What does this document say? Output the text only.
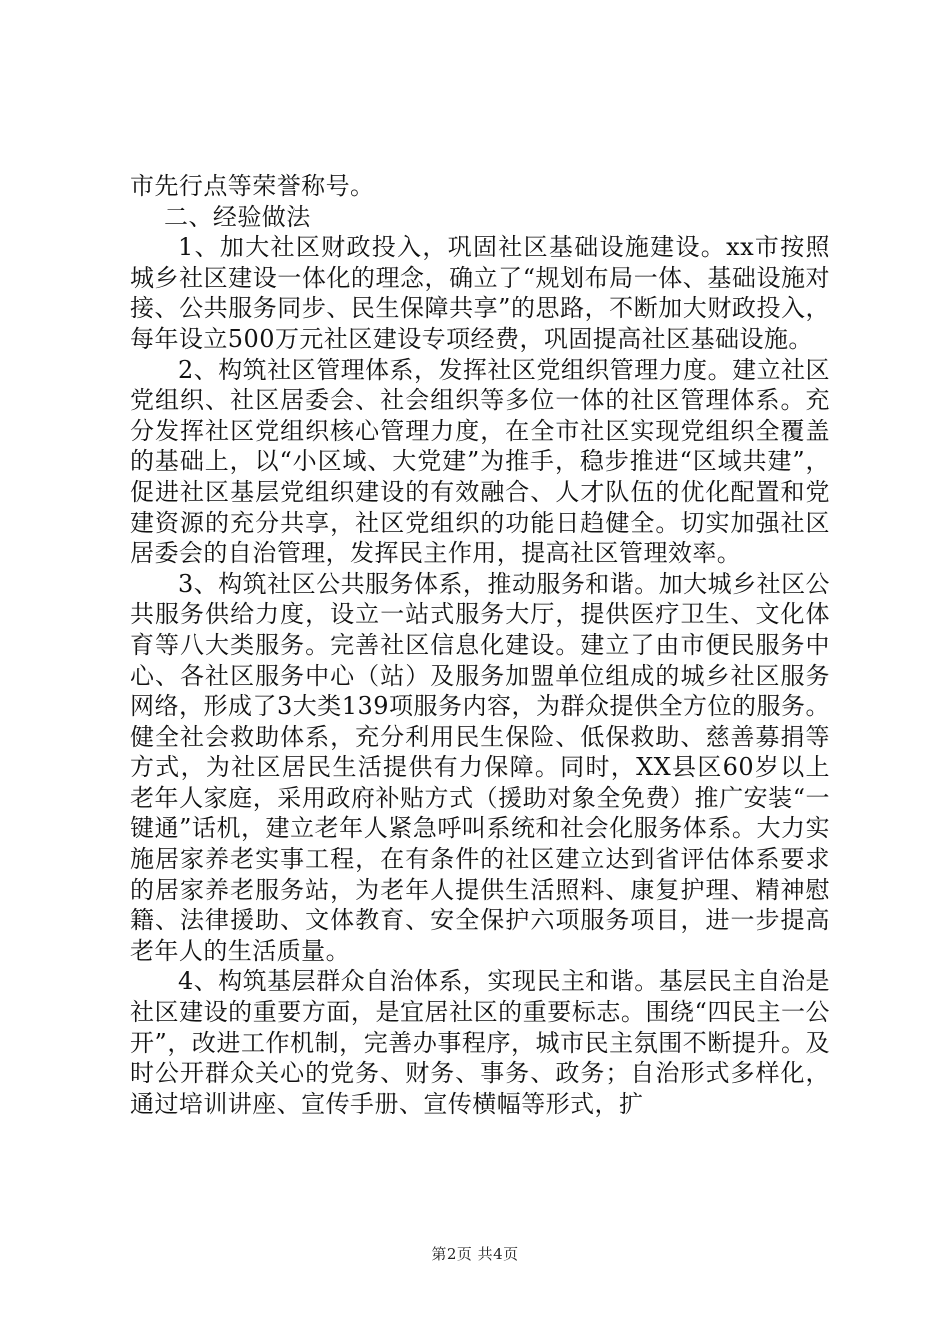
市先行点等荣誉称号。

二、经验做法

1、加大社区财政投入，巩固社区基础设施建设。xx市按照城乡社区建设一体化的理念，确立了“规划布局一体、基础设施对接、公共服务同步、民生保障共享”的思路，不断加大财政投入，每年设立500万元社区建设专项经费，巩固提高社区基础设施。

2、构筑社区管理体系，发挥社区党组织管理力度。建立社区党组织、社区居委会、社会组织等多位一体的社区管理体系。充分发挥社区党组织核心管理力度，在全市社区实现党组织全覆盖的基础上，以“小区域、大党建”为推手，稳步推进“区域共建”，促进社区基层党组织建设的有效融合、人才队伍的优化配置和党建资源的充分共享，社区党组织的功能日趋健全。切实加强社区居委会的自治管理，发挥民主作用，提高社区管理效率。

3、构筑社区公共服务体系，推动服务和谐。加大城乡社区公共服务供给力度，设立一站式服务大厅，提供医疗卫生、文化体育等八大类服务。完善社区信息化建设。建立了由市便民服务中心、各社区服务中心（站）及服务加盟单位组成的城乡社区服务网络，形成了3大类139项服务内容，为群众提供全方位的服务。健全社会救助体系，充分利用民生保险、低保救助、慈善募捐等方式，为社区居民生活提供有力保障。同时，XX县区60岁以上老年人家庭，采用政府补贴方式（援助对象全免费）推广安装“一键通”话机，建立老年人紧急呼叫系统和社会化服务体系。大力实施居家养老实事工程，在有条件的社区建立达到省评估体系要求的居家养老服务站，为老年人提供生活照料、康复护理、精神慰籍、法律援助、文体教育、安全保护六项服务项目，进一步提高老年人的生活质量。

4、构筑基层群众自治体系，实现民主和谐。基层民主自治是社区建设的重要方面，是宜居社区的重要标志。围绕“四民主一公开”，改进工作机制，完善办事程序，城市民主氛围不断提升。及时公开群众关心的党务、财务、事务、政务；自治形式多样化，通过培训讲座、宣传手册、宣传横幅等形式，扩

第2页 共4页
